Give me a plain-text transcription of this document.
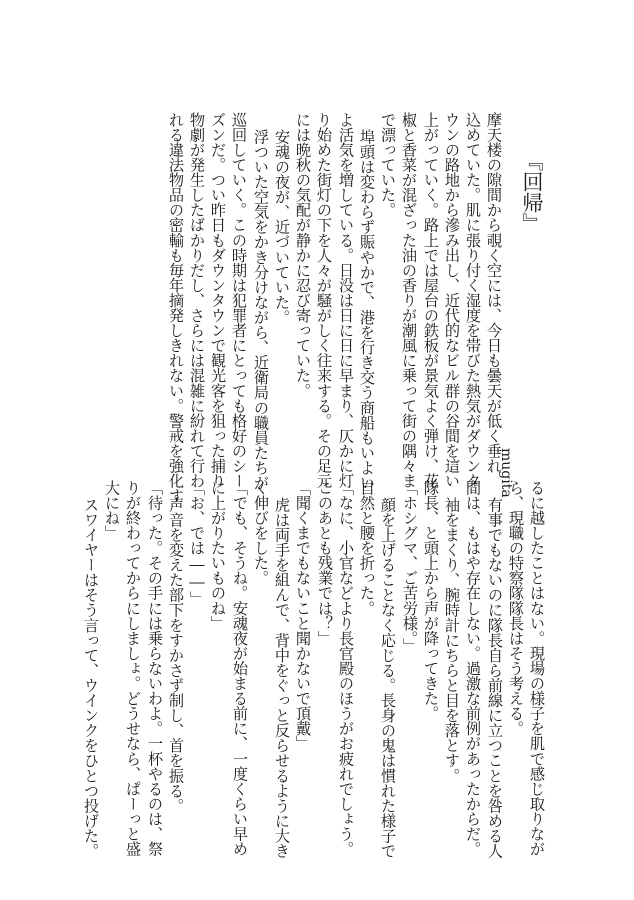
『回帰』
mugita
摩天楼の隙間から覗く空には、今日も曇天が低く垂れ
込めていた。肌に張り付く湿度を帯びた熱気がダウンタ
ウンの路地から滲み出し、近代的なビル群の谷間を這い
上がっていく。路上では屋台の鉄板が景気よく弾け、花
椒と香菜が混ざった油の香りが潮風に乗って街の隅々ま
で漂っていた。
埠頭は変わらず賑やかで、港を行き交う商船もいよい
よ活気を増している。日没は日に日に早まり、仄かに灯
り始めた街灯の下を人々が騒がしく往来する。その足元
には晩秋の気配が静かに忍び寄っていた。
安魂の夜が、近づいていた。
浮ついた空気をかき分けながら、近衛局の職員たちが
巡回していく。この時期は犯罪者にとっても格好のシー
ズンだ。つい昨日もダウンタウンで観光客を狙った捕り
物劇が発生したばかりだし、さらには混雑に紛れて行わ
れる違法物品の密輸も毎年摘発しきれない。警戒を強化す
るに越したことはない。現場の様子を肌で感じ取りなが
ら、現職の特察隊隊長はそう考える。
有事でもないのに隊長自ら前線に立つことを咎める人
間は、もはや存在しない。過激な前例があったからだ。
袖をまくり、腕時計にちらと目を落とす。
隊長、と頭上から声が降ってきた。
「ホシグマ、ご苦労様。」
顔を上げることなく応じる。長身の鬼は慣れた様子で
自然と腰を折った。
「なに、小官などより長官殿のほうがお疲れでしょう。
このあとも残業では？」
「聞くまでもないこと聞かないで頂戴」
虎は両手を組んで、背中をぐっと反らせるように大き
く伸びをした。
「でも、そうね。安魂夜が始まる前に、一度くらい早め
に上がりたいものね」
「お、では――」
声音を変えた部下をすかさず制し、首を振る。
「待った。その手には乗らないわよ。一杯やるのは、祭
りが終わってからにしましょ。どうせなら、ぱーっと盛
大にね」
スワイヤーはそう言って、ウインクをひとつ投げた。
